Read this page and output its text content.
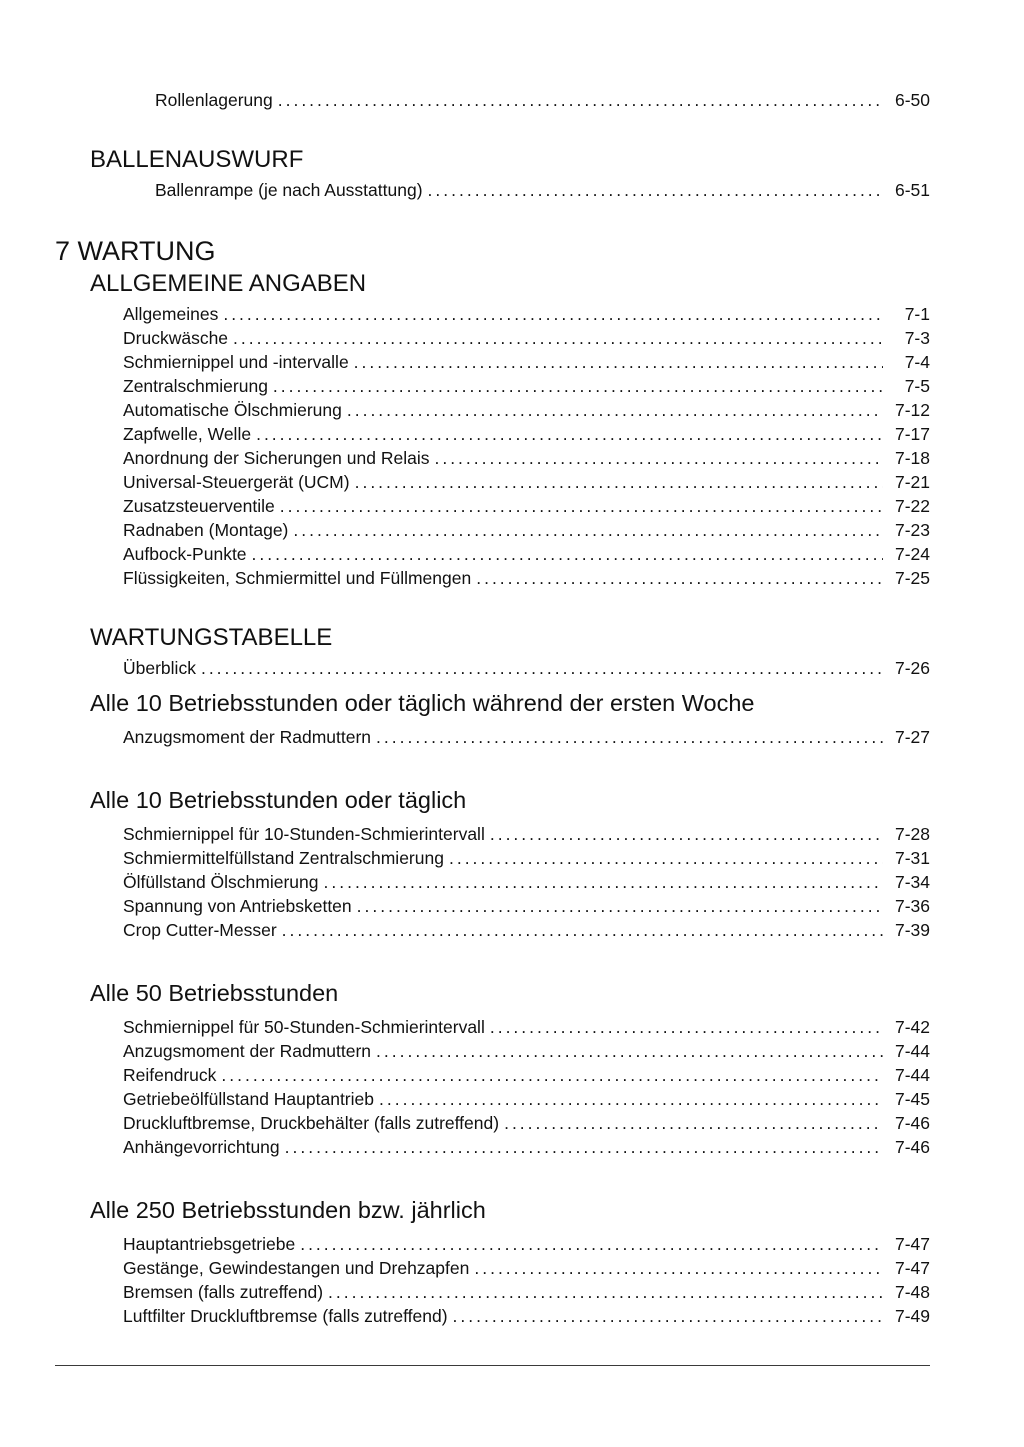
Rollenlagerung .....	6-50
BALLENAUSWURF
Ballenrampe (je nach Ausstattung) .....	6-51
7 WARTUNG
ALLGEMEINE ANGABEN
Allgemeines .....	7-1
Druckwäsche .....	7-3
Schmiernippel und -intervalle .....	7-4
Zentralschmierung .....	7-5
Automatische Ölschmierung .....	7-12
Zapfwelle, Welle .....	7-17
Anordnung der Sicherungen und Relais .....	7-18
Universal-Steuergerät (UCM) .....	7-21
Zusatzsteuerventile .....	7-22
Radnaben (Montage) .....	7-23
Aufbock-Punkte .....	7-24
Flüssigkeiten, Schmiermittel und Füllmengen .....	7-25
WARTUNGSTABELLE
Überblick .....	7-26
Alle 10 Betriebsstunden oder täglich während der ersten Woche
Anzugsmoment der Radmuttern .....	7-27
Alle 10 Betriebsstunden oder täglich
Schmiernippel für 10-Stunden-Schmierintervall .....	7-28
Schmiermittelfüllstand Zentralschmierung .....	7-31
Ölfüllstand Ölschmierung .....	7-34
Spannung von Antriebsketten .....	7-36
Crop Cutter-Messer .....	7-39
Alle 50 Betriebsstunden
Schmiernippel für 50-Stunden-Schmierintervall .....	7-42
Anzugsmoment der Radmuttern .....	7-44
Reifendruck .....	7-44
Getriebeölfüllstand Hauptantrieb .....	7-45
Druckluftbremse, Druckbehälter (falls zutreffend) .....	7-46
Anhängevorrichtung .....	7-46
Alle 250 Betriebsstunden bzw. jährlich
Hauptantriebsgetriebe .....	7-47
Gestänge, Gewindestangen und Drehzapfen .....	7-47
Bremsen (falls zutreffend) .....	7-48
Luftfilter Druckluftbremse (falls zutreffend) .....	7-49
